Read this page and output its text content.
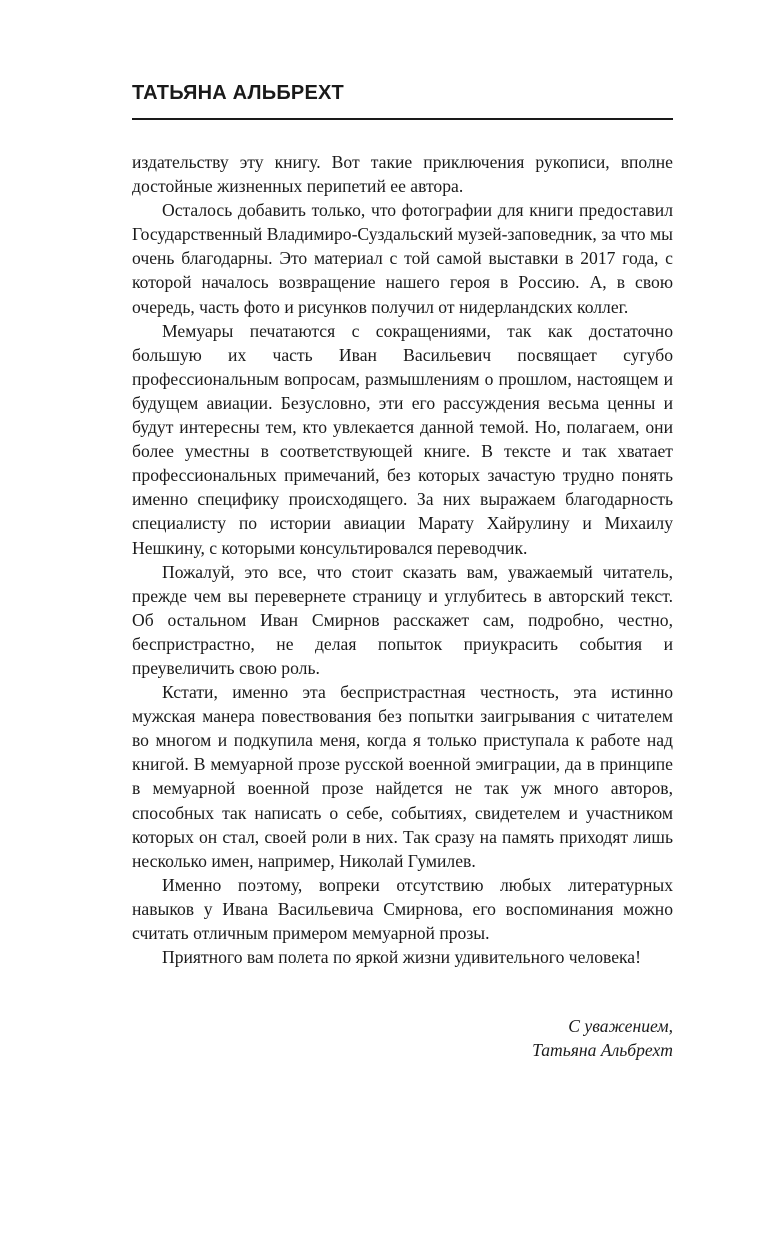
ТАТЬЯНА АЛЬБРЕХТ

издательству эту книгу. Вот такие приключения рукописи, вполне достойные жизненных перипетий ее автора.

Осталось добавить только, что фотографии для книги предоставил Государственный Владимиро-Суздальский музей-заповедник, за что мы очень благодарны. Это материал с той самой выставки в 2017 года, с которой началось возвращение нашего героя в Россию. А, в свою очередь, часть фото и рисунков получил от нидерландских коллег.

Мемуары печатаются с сокращениями, так как достаточно большую их часть Иван Васильевич посвящает сугубо профессиональным вопросам, размышлениям о прошлом, настоящем и будущем авиации. Безусловно, эти его рассуждения весьма ценны и будут интересны тем, кто увлекается данной темой. Но, полагаем, они более уместны в соответствующей книге. В тексте и так хватает профессиональных примечаний, без которых зачастую трудно понять именно специфику происходящего. За них выражаем благодарность специалисту по истории авиации Марату Хайрулину и Михаилу Нешкину, с которыми консультировался переводчик.

Пожалуй, это все, что стоит сказать вам, уважаемый читатель, прежде чем вы перевернете страницу и углубитесь в авторский текст. Об остальном Иван Смирнов расскажет сам, подробно, честно, беспристрастно, не делая попыток приукрасить события и преувеличить свою роль.

Кстати, именно эта беспристрастная честность, эта истинно мужская манера повествования без попытки заигрывания с читателем во многом и подкупила меня, когда я только приступала к работе над книгой. В мемуарной прозе русской военной эмиграции, да в принципе в мемуарной военной прозе найдется не так уж много авторов, способных так написать о себе, событиях, свидетелем и участником которых он стал, своей роли в них. Так сразу на память приходят лишь несколько имен, например, Николай Гумилев.

Именно поэтому, вопреки отсутствию любых литературных навыков у Ивана Васильевича Смирнова, его воспоминания можно считать отличным примером мемуарной прозы.

Приятного вам полета по яркой жизни удивительного человека!

С уважением,
Татьяна Альбрехт
